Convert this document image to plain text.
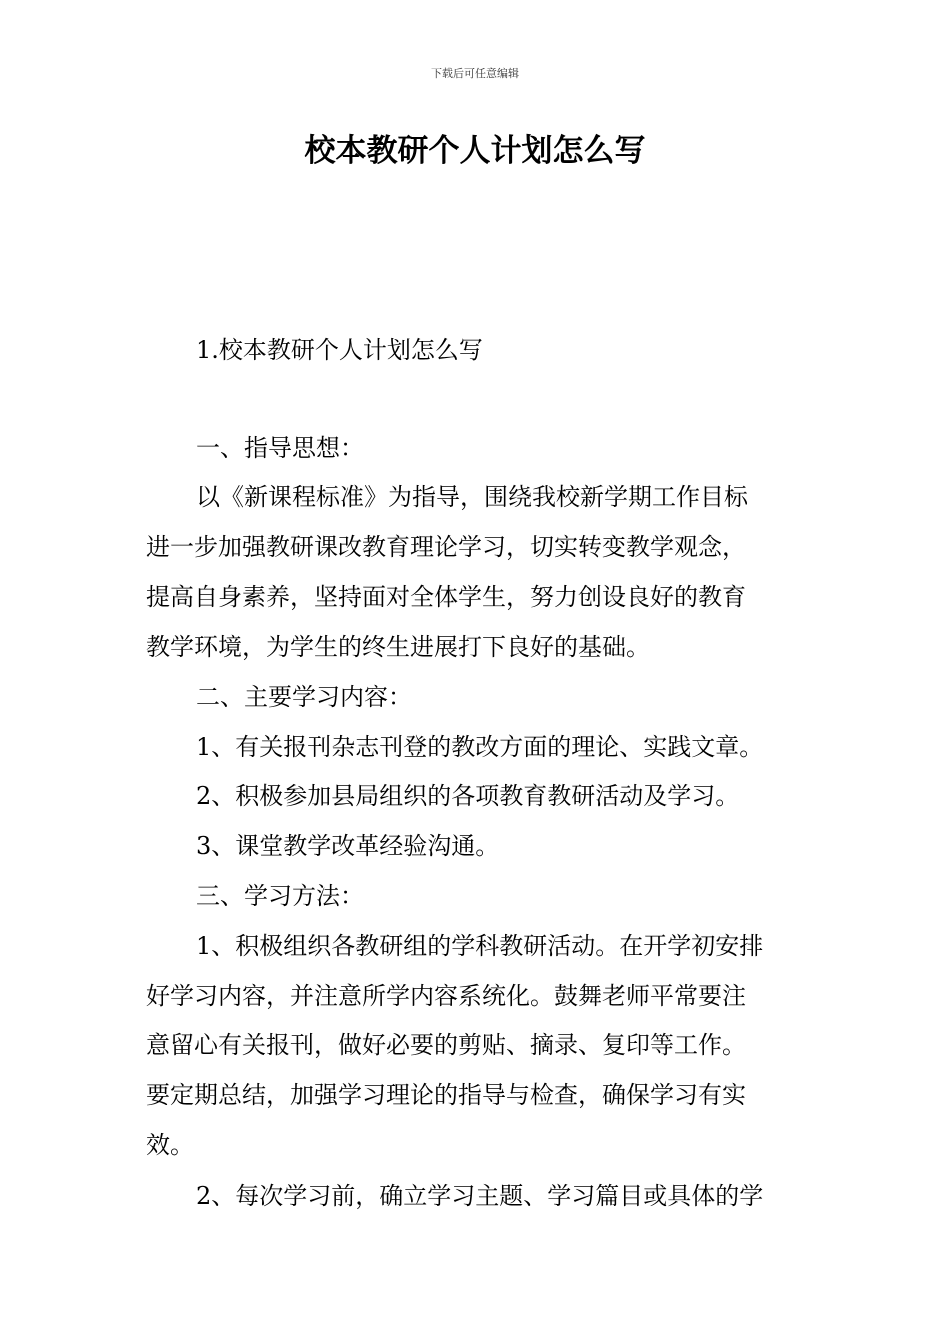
下载后可任意编辑
校本教研个人计划怎么写
1.校本教研个人计划怎么写
一、指导思想：
以《新课程标准》为指导，围绕我校新学期工作目标
进一步加强教研课改教育理论学习，切实转变教学观念，
提高自身素养，坚持面对全体学生，努力创设良好的教育
教学环境，为学生的终生进展打下良好的基础。
二、主要学习内容：
1、有关报刊杂志刊登的教改方面的理论、实践文章。
2、积极参加县局组织的各项教育教研活动及学习。
3、课堂教学改革经验沟通。
三、学习方法：
1、积极组织各教研组的学科教研活动。在开学初安排
好学习内容，并注意所学内容系统化。鼓舞老师平常要注
意留心有关报刊，做好必要的剪贴、摘录、复印等工作。
要定期总结，加强学习理论的指导与检查，确保学习有实
效。
2、每次学习前，确立学习主题、学习篇目或具体的学
